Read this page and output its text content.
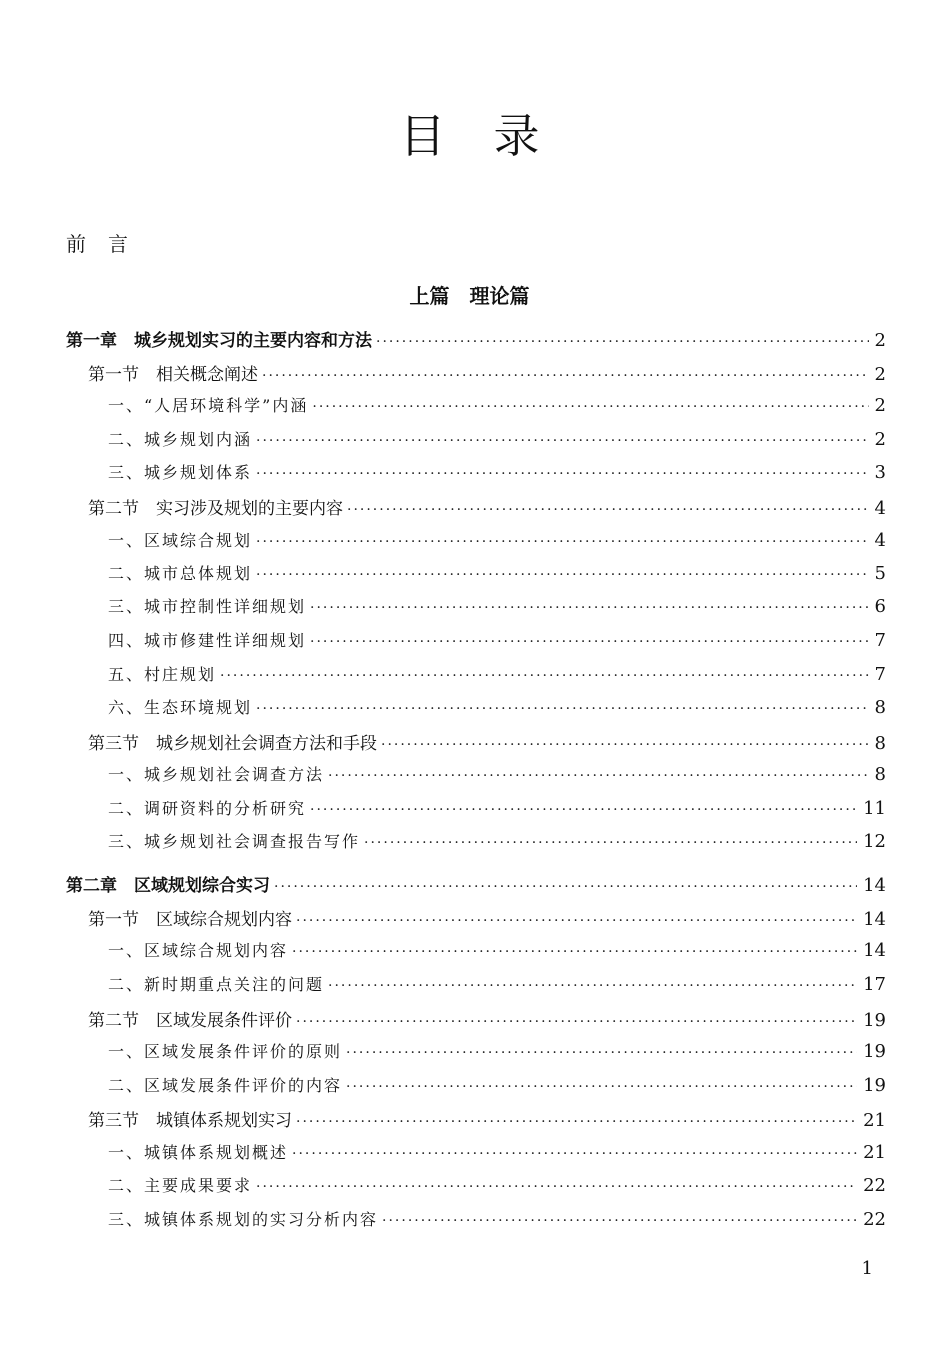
目录
前言
上篇　理论篇
第一章　城乡规划实习的主要内容和方法 ·····	2
第一节　相关概念阐述 ·····	2
一、“人居环境科学”内涵 ·····	2
二、城乡规划内涵 ·····	2
三、城乡规划体系 ·····	3
第二节　实习涉及规划的主要内容 ·····	4
一、区域综合规划 ·····	4
二、城市总体规划 ·····	5
三、城市控制性详细规划 ·····	6
四、城市修建性详细规划 ·····	7
五、村庄规划 ·····	7
六、生态环境规划 ·····	8
第三节　城乡规划社会调查方法和手段 ·····	8
一、城乡规划社会调查方法 ·····	8
二、调研资料的分析研究 ·····	11
三、城乡规划社会调查报告写作 ·····	12
第二章　区域规划综合实习 ·····	14
第一节　区域综合规划内容 ·····	14
一、区域综合规划内容 ·····	14
二、新时期重点关注的问题 ·····	17
第二节　区域发展条件评价 ·····	19
一、区域发展条件评价的原则 ·····	19
二、区域发展条件评价的内容 ·····	19
第三节　城镇体系规划实习 ·····	21
一、城镇体系规划概述 ·····	21
二、主要成果要求 ·····	22
三、城镇体系规划的实习分析内容 ·····	22
1
